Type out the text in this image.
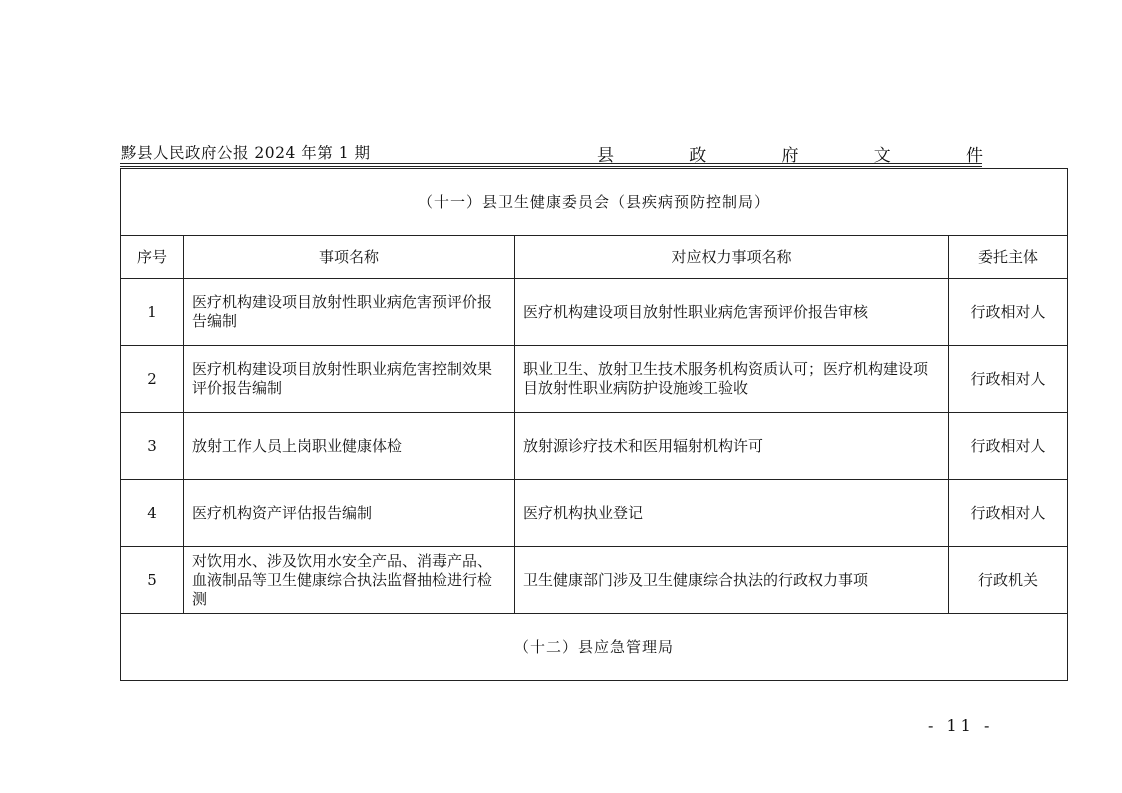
黟县人民政府公报 2024 年第 1 期	县	政	府	文	件
（十一）县卫生健康委员会（县疾病预防控制局）			
序号	事项名称	对应权力事项名称	委托主体
1	医疗机构建设项目放射性职业病危害预评价报告编制	医疗机构建设项目放射性职业病危害预评价报告审核	行政相对人
2	医疗机构建设项目放射性职业病危害控制效果评价报告编制	职业卫生、放射卫生技术服务机构资质认可；医疗机构建设项目放射性职业病防护设施竣工验收	行政相对人
3	放射工作人员上岗职业健康体检	放射源诊疗技术和医用辐射机构许可	行政相对人
4	医疗机构资产评估报告编制	医疗机构执业登记	行政相对人
5	对饮用水、涉及饮用水安全产品、消毒产品、血液制品等卫生健康综合执法监督抽检进行检测	卫生健康部门涉及卫生健康综合执法的行政权力事项	行政机关
（十二）县应急管理局			
- 11 -
